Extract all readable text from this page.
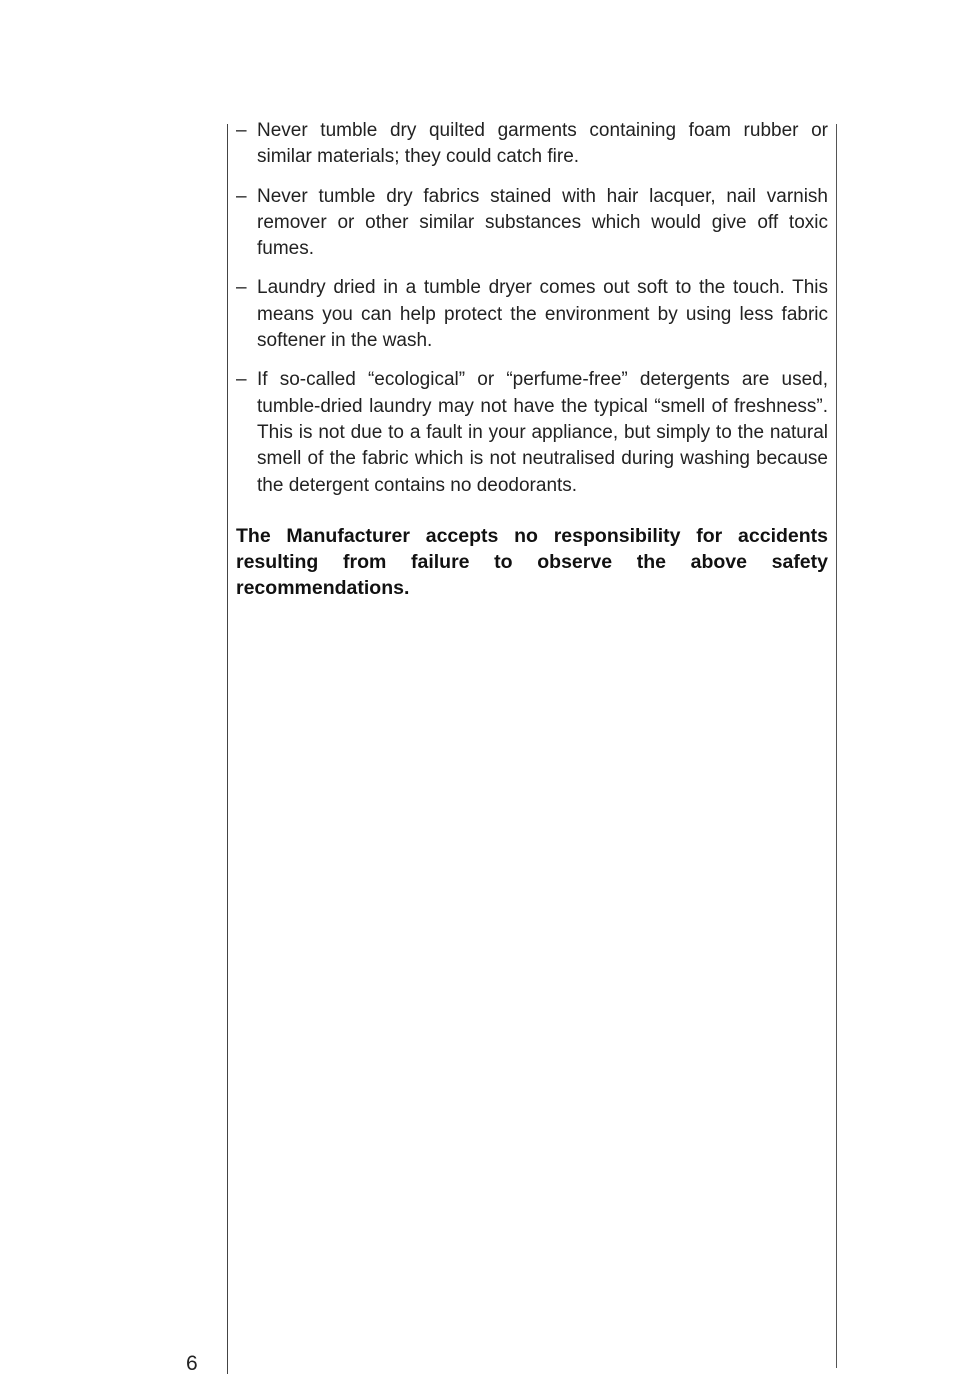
– Never tumble dry quilted garments containing foam rubber or similar materials; they could catch fire.
– Never tumble dry fabrics stained with hair lacquer, nail varnish remover or other similar substances which would give off toxic fumes.
– Laundry dried in a tumble dryer comes out soft to the touch. This means you can help protect the environment by using less fabric softener in the wash.
– If so-called “ecological” or “perfume-free” detergents are used, tumble-dried laundry may not have the typical “smell of freshness”. This is not due to a fault in your appliance, but simply to the natural smell of the fabric which is not neutralised during washing because the detergent contains no deodorants.

The Manufacturer accepts no responsibility for accidents resulting from failure to observe the above safety recommendations.

6
